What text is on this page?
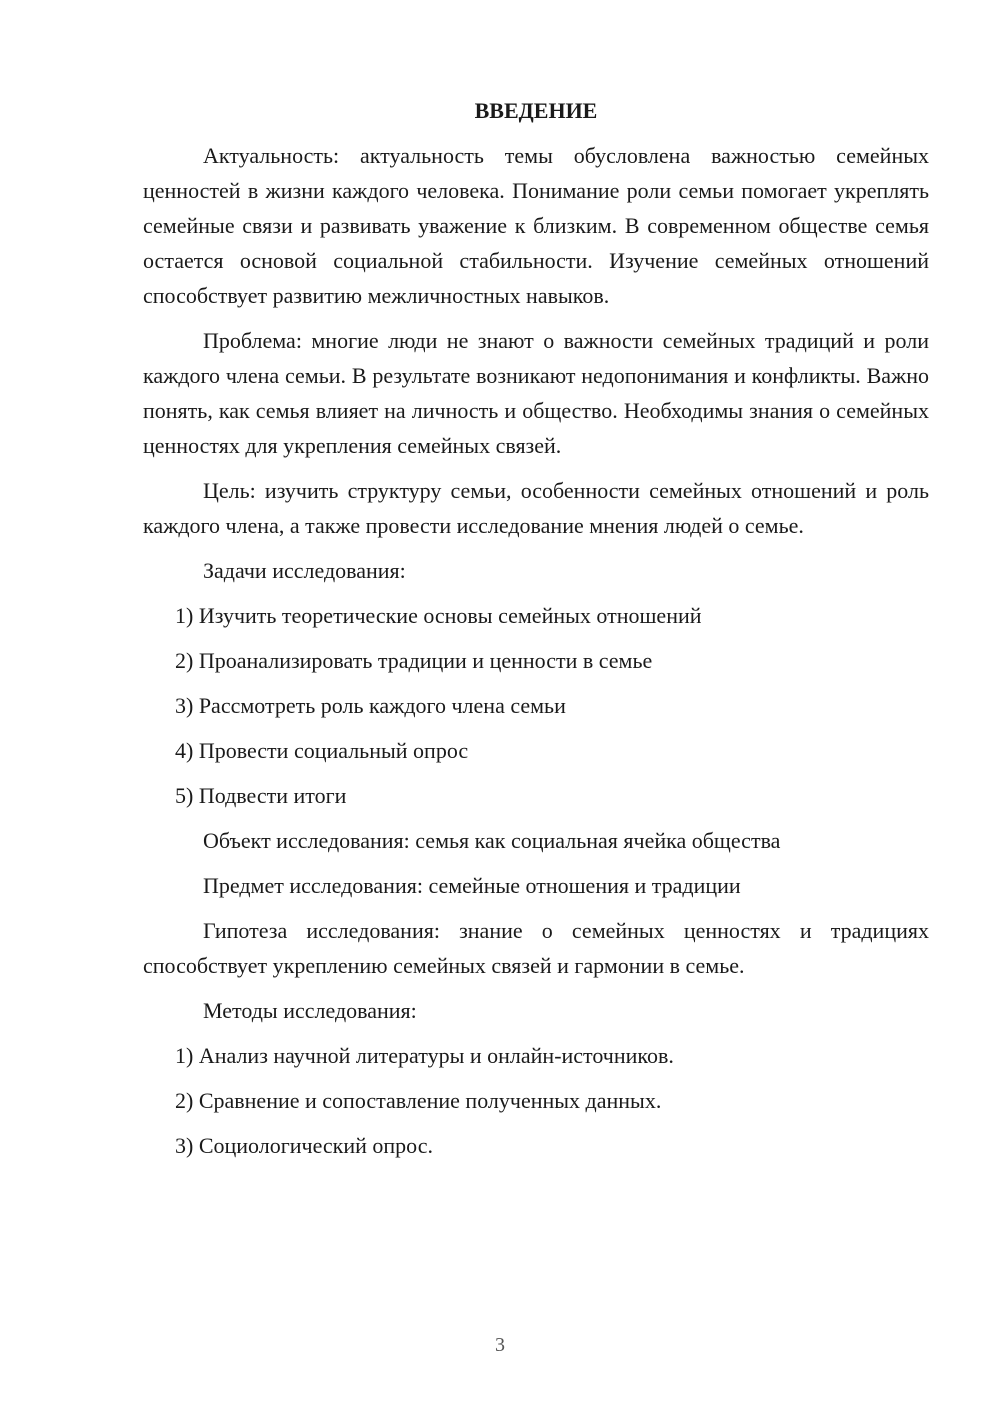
ВВЕДЕНИЕ

Актуальность: актуальность темы обусловлена важностью семейных ценностей в жизни каждого человека. Понимание роли семьи помогает укреплять семейные связи и развивать уважение к близким. В современном обществе семья остается основой социальной стабильности. Изучение семейных отношений способствует развитию межличностных навыков.

Проблема: многие люди не знают о важности семейных традиций и роли каждого члена семьи. В результате возникают недопонимания и конфликты. Важно понять, как семья влияет на личность и общество. Необходимы знания о семейных ценностях для укрепления семейных связей.

Цель: изучить структуру семьи, особенности семейных отношений и роль каждого члена, а также провести исследование мнения людей о семье.

Задачи исследования:
1) Изучить теоретические основы семейных отношений
2) Проанализировать традиции и ценности в семье
3) Рассмотреть роль каждого члена семьи
4) Провести социальный опрос
5) Подвести итоги
Объект исследования: семья как социальная ячейка общества
Предмет исследования: семейные отношения и традиции

Гипотеза исследования: знание о семейных ценностях и традициях способствует укреплению семейных связей и гармонии в семье.

Методы исследования:
1) Анализ научной литературы и онлайн-источников.
2) Сравнение и сопоставление полученных данных.
3) Социологический опрос.
3
